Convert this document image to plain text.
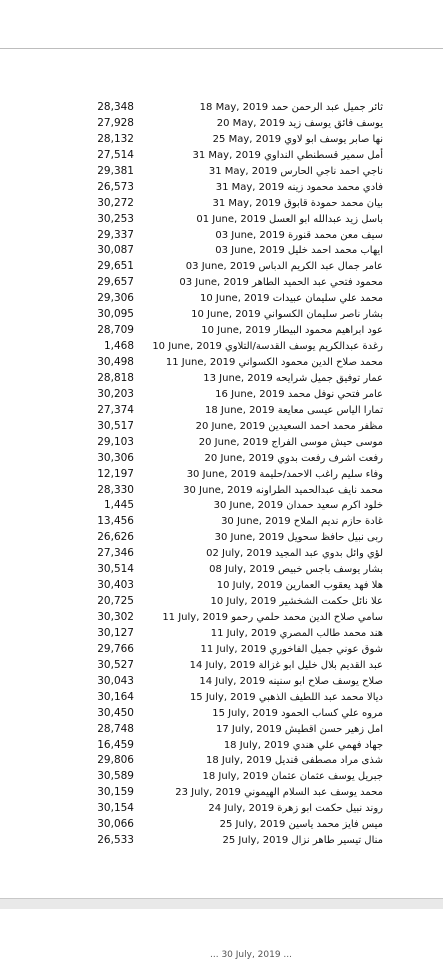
28,348	18 May, 2019 ثائر جميل عبد الرحمن حمد
27,928	20 May, 2019 يوسف فائق يوسف زيد
28,132	25 May, 2019 نها صابر يوسف ابو لاوي
27,514	31 May, 2019 أمل سمير قسطنطي النداوي
29,381	31 May, 2019 ناجي احمد ناجي الحارس
26,573	31 May, 2019 فادي محمد محمود زينه
30,272	31 May, 2019 بيان محمد حمودة قابوق
30,253	01 June, 2019 باسل زيد عبدالله ابو العسل
29,337	03 June, 2019 سيف معن محمد قنورة
30,087	03 June, 2019 ايهاب محمد احمد خليل
29,651	03 June, 2019 عامر جمال عبد الكريم الدباس
29,657	03 June, 2019 محمود فتحي عبد الحميد الطاهر
29,306	10 June, 2019 محمد علي سليمان عبيدات
30,095	10 June, 2019 بشار ناصر سليمان الكسواني
28,709	10 June, 2019 عود ابراهيم محمود البيطار
1,468	10 June, 2019 رغدة عبدالكريم يوسف القدسة/التلاوي
30,498	11 June, 2019 محمد صلاح الدين محمود الكسواني
28,818	13 June, 2019 عمار توفيق جميل شرايحه
30,203	16 June, 2019 عامر فتحي نوفل محمد
27,374	18 June, 2019 تمارا الياس عيسى معايعة
30,517	20 June, 2019 مظفر محمد احمد السعيدين
29,103	20 June, 2019 موسى حيش موسى الفراج
30,306	20 June, 2019 رفعت اشرف رفعت بدوي
12,197	30 June, 2019 وفاء سليم راغب الاحمد/حليمة
28,330	30 June, 2019 محمد نايف عبدالحميد الطراونه
1,445	30 June, 2019 خلود اكرم سعيد حمدان
13,456	30 June, 2019 غادة حازم نديم الملاح
26,626	30 June, 2019 ربى نبيل حافظ سحويل
27,346	02 July, 2019 لؤي وائل بدوي عبد المجيد
30,514	08 July, 2019 بشار يوسف باجس خبيص
30,403	10 July, 2019 هلا فهد يعقوب العمارين
20,725	10 July, 2019 علا نائل حكمت الشخشير
30,302	11 July, 2019 سامي صلاح الدين محمد حلمي رحمو
30,127	11 July, 2019 هند محمد طالب المصري
29,766	11 July, 2019 شوق عوني جميل الفاخوري
30,527	14 July, 2019 عبد القديم بلال خليل ابو غزالة
30,043	14 July, 2019 صلاح يوسف صلاح ابو سنينه
30,164	15 July, 2019 ديالا محمد عبد اللطيف الذهبي
30,450	15 July, 2019 مروه علي كساب الحمود
28,748	17 July, 2019 امل زهير حسن اقطيش
16,459	18 July, 2019 جهاد فهمي علي هندي
29,806	18 July, 2019 شذى مراد مصطفى قنديل
30,589	18 July, 2019 جبريل يوسف عثمان عثمان
30,159	23 July, 2019 محمد يوسف عبد السلام الهيموني
30,154	24 July, 2019 روند نبيل حكمت ابو زهرة
30,066	25 July, 2019 ميس فايز محمد ياسين
26,533	25 July, 2019 منال تيسير طاهر نزال
... 30 July, 2019 ...
